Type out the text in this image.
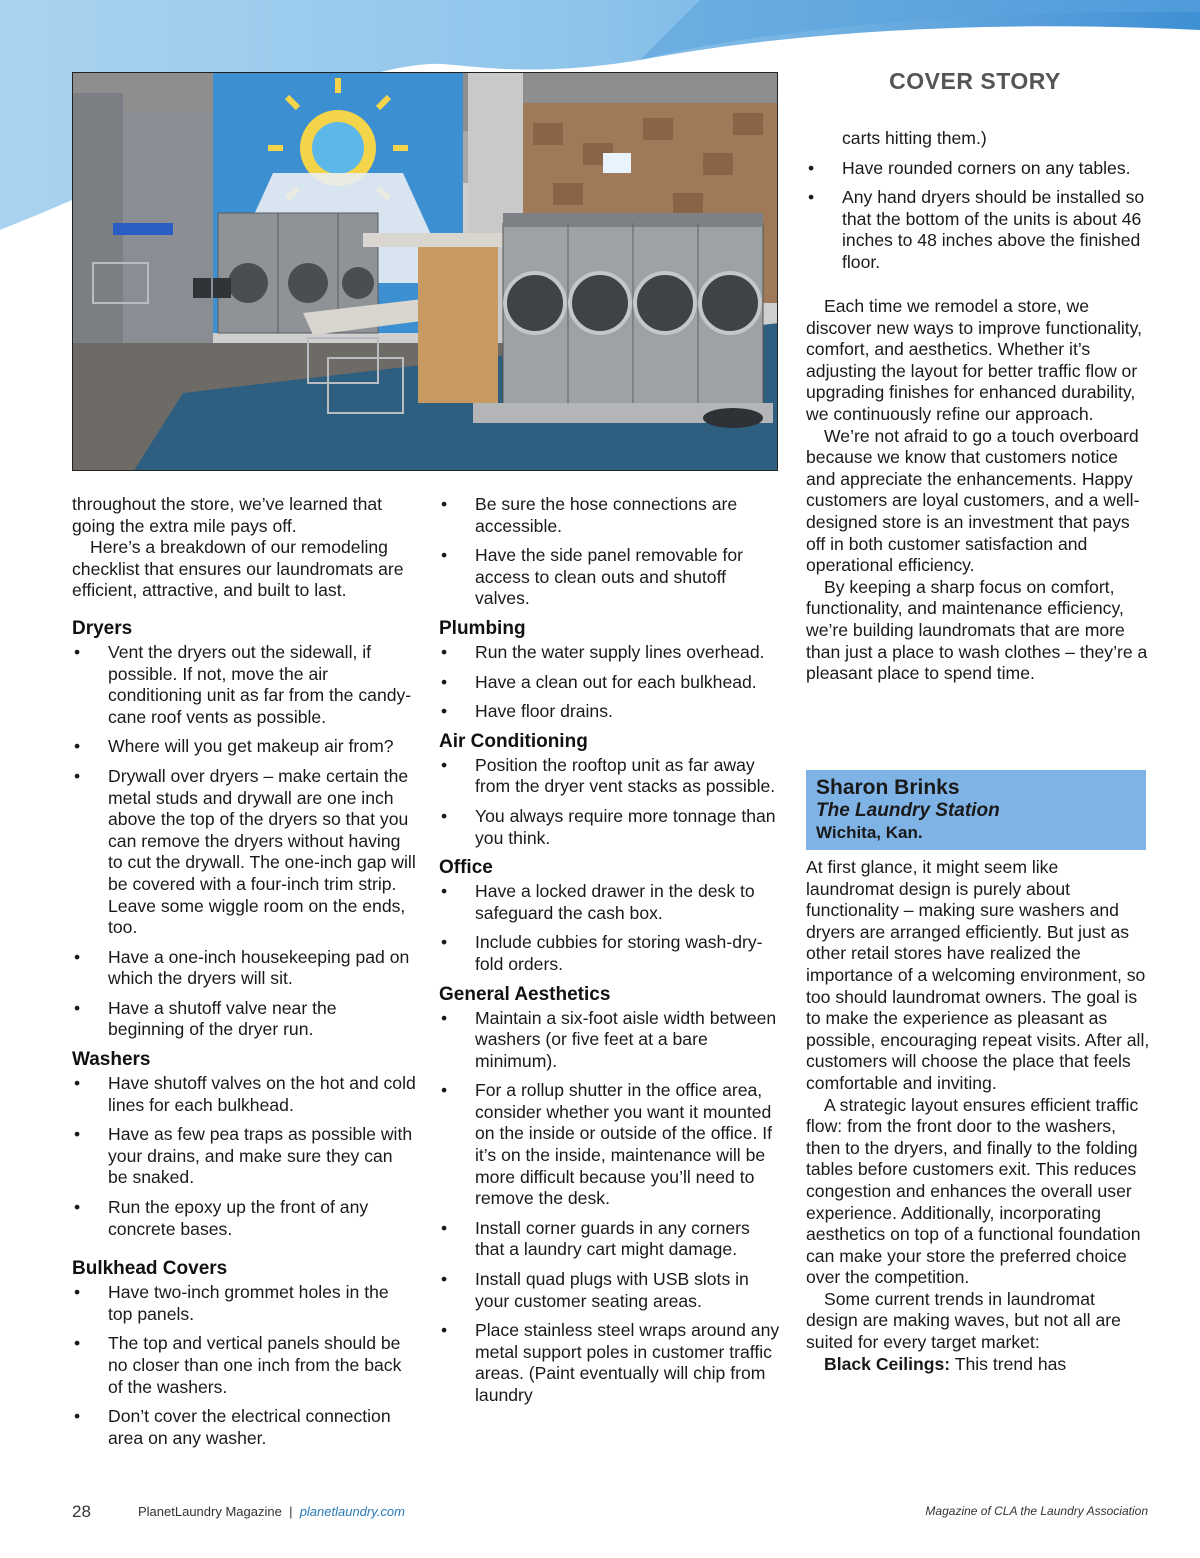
COVER STORY

throughout the store, we’ve learned that going the extra mile pays off.

Here’s a breakdown of our remodeling checklist that ensures our laundromats are efficient, attractive, and built to last.

Dryers
• Vent the dryers out the sidewall, if possible. If not, move the air conditioning unit as far from the candy-cane roof vents as possible.
• Where will you get makeup air from?
• Drywall over dryers – make certain the metal studs and drywall are one inch above the top of the dryers so that you can remove the dryers without having to cut the drywall. The one-inch gap will be covered with a four-inch trim strip. Leave some wiggle room on the ends, too.
• Have a one-inch housekeeping pad on which the dryers will sit.
• Have a shutoff valve near the beginning of the dryer run.
Washers
• Have shutoff valves on the hot and cold lines for each bulkhead.
• Have as few pea traps as possible with your drains, and make sure they can be snaked.
• Run the epoxy up the front of any concrete bases.
Bulkhead Covers
• Have two-inch grommet holes in the top panels.
• The top and vertical panels should be no closer than one inch from the back of the washers.
• Don’t cover the electrical connection area on any washer.
• Be sure the hose connections are accessible.
• Have the side panel removable for access to clean outs and shutoff valves.
Plumbing
• Run the water supply lines overhead.
• Have a clean out for each bulkhead.
• Have floor drains.
Air Conditioning
• Position the rooftop unit as far away from the dryer vent stacks as possible.
• You always require more tonnage than you think.
Office
• Have a locked drawer in the desk to safeguard the cash box.
• Include cubbies for storing wash-dry-fold orders.
General Aesthetics
• Maintain a six-foot aisle width between washers (or five feet at a bare minimum).
• For a rollup shutter in the office area, consider whether you want it mounted on the inside or outside of the office. If it’s on the inside, maintenance will be more difficult because you’ll need to remove the desk.
• Install corner guards in any corners that a laundry cart might damage.
• Install quad plugs with USB slots in your customer seating areas.
• Place stainless steel wraps around any metal support poles in customer traffic areas. (Paint eventually will chip from laundry
carts hitting them.)
• Have rounded corners on any tables.
• Any hand dryers should be installed so that the bottom of the units is about 46 inches to 48 inches above the finished floor.

Each time we remodel a store, we discover new ways to improve functionality, comfort, and aesthetics. Whether it’s adjusting the layout for better traffic flow or upgrading finishes for enhanced durability, we continuously refine our approach.

We’re not afraid to go a touch overboard because we know that customers notice and appreciate the enhancements. Happy customers are loyal customers, and a well-designed store is an investment that pays off in both customer satisfaction and operational efficiency.

By keeping a sharp focus on comfort, functionality, and maintenance efficiency, we’re building laundromats that are more than just a place to wash clothes – they’re a pleasant place to spend time.

Sharon Brinks
The Laundry Station
Wichita, Kan.

At first glance, it might seem like laundromat design is purely about functionality – making sure washers and dryers are arranged efficiently. But just as other retail stores have realized the importance of a welcoming environment, so too should laundromat owners. The goal is to make the experience as pleasant as possible, encouraging repeat visits. After all, customers will choose the place that feels comfortable and inviting.

A strategic layout ensures efficient traffic flow: from the front door to the washers, then to the dryers, and finally to the folding tables before customers exit. This reduces congestion and enhances the overall user experience. Additionally, incorporating aesthetics on top of a functional foundation can make your store the preferred choice over the competition.

Some current trends in laundromat design are making waves, but not all are suited for every target market:

Black Ceilings: This trend has

28	PlanetLaundry Magazine | planetlaundry.com	Magazine of CLA the Laundry Association
